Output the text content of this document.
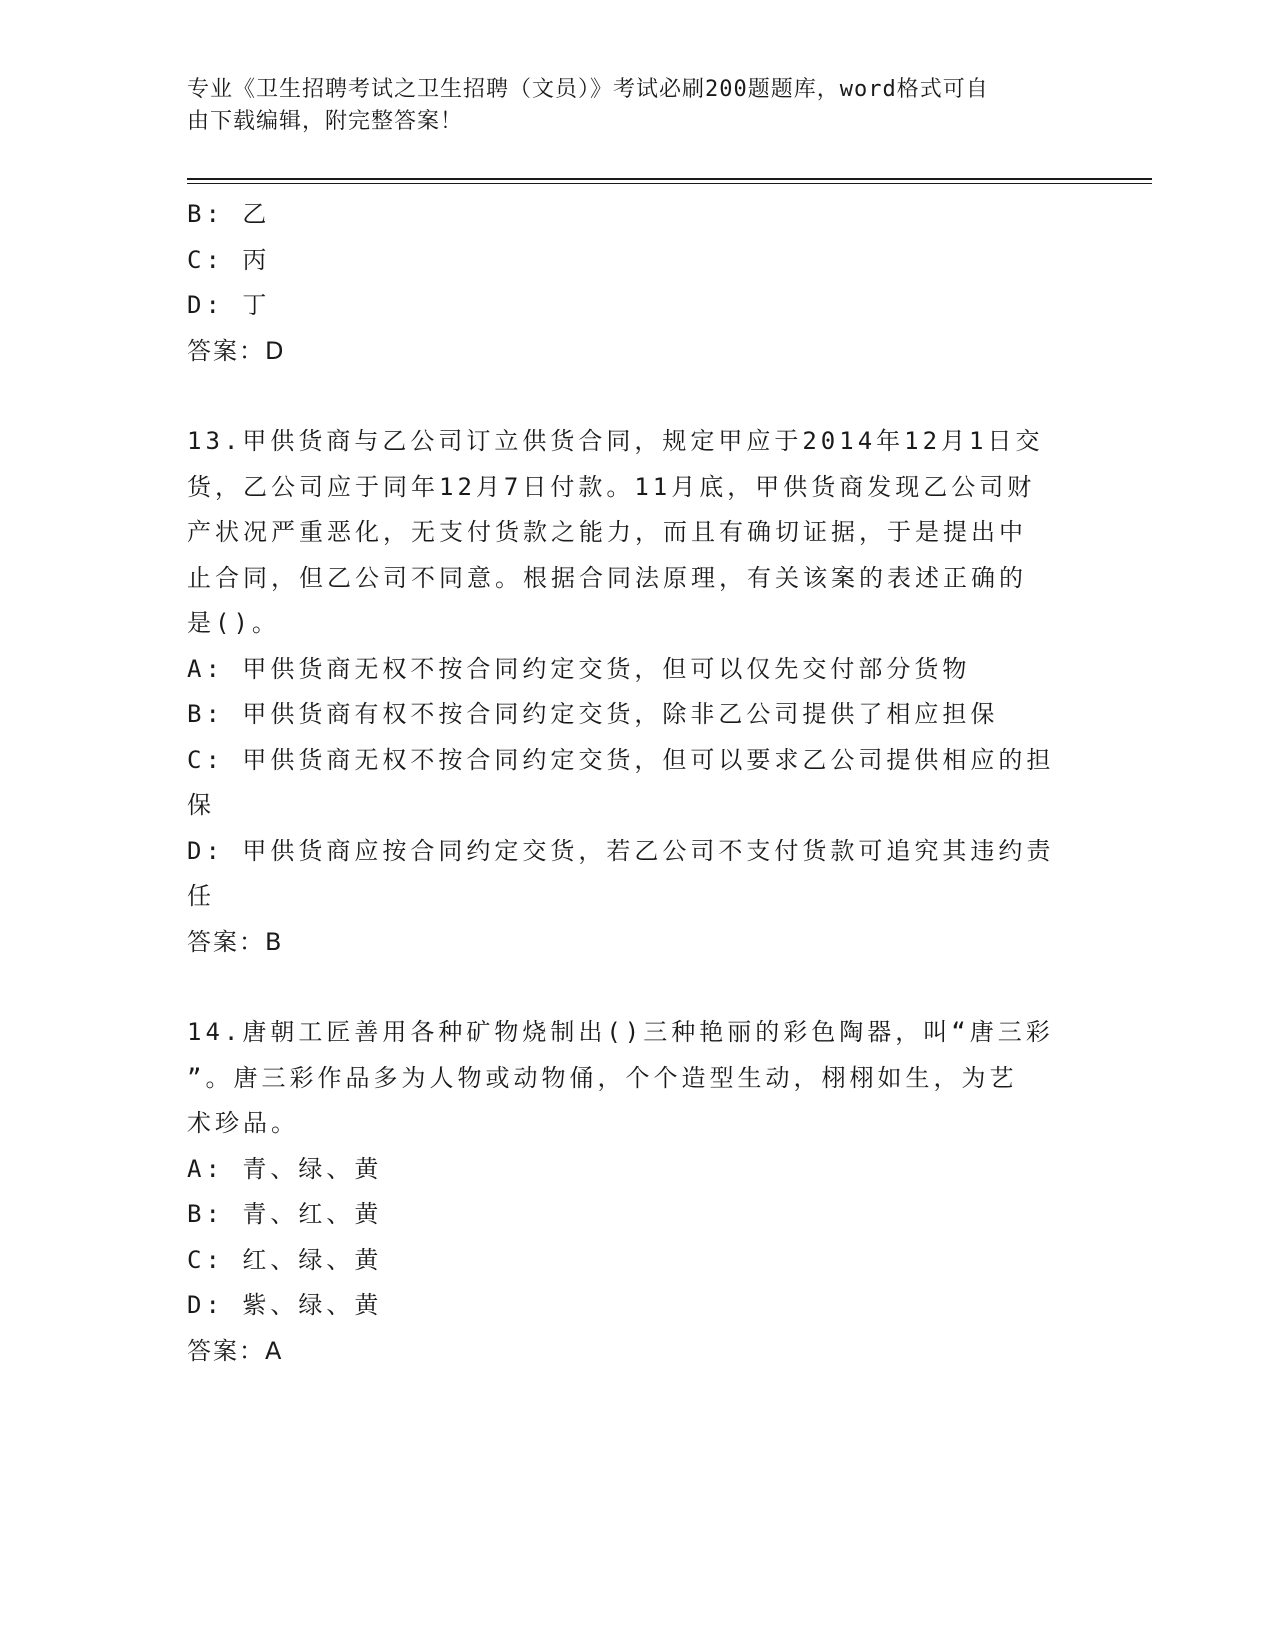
专业《卫生招聘考试之卫生招聘（文员）》考试必刷200题题库，word格式可自
由下载编辑，附完整答案！
B: 乙
C: 丙
D: 丁
答案：D
13.甲供货商与乙公司订立供货合同，规定甲应于2014年12月1日交
货，乙公司应于同年12月7日付款。11月底，甲供货商发现乙公司财
产状况严重恶化，无支付货款之能力，而且有确切证据，于是提出中
止合同，但乙公司不同意。根据合同法原理，有关该案的表述正确的
是()。
A: 甲供货商无权不按合同约定交货，但可以仅先交付部分货物
B: 甲供货商有权不按合同约定交货，除非乙公司提供了相应担保
C: 甲供货商无权不按合同约定交货，但可以要求乙公司提供相应的担
保
D: 甲供货商应按合同约定交货，若乙公司不支付货款可追究其违约责
任
答案：B
14.唐朝工匠善用各种矿物烧制出()三种艳丽的彩色陶器，叫“唐三彩
”。唐三彩作品多为人物或动物俑，个个造型生动，栩栩如生，为艺
术珍品。
A: 青、绿、黄
B: 青、红、黄
C: 红、绿、黄
D: 紫、绿、黄
答案：A
